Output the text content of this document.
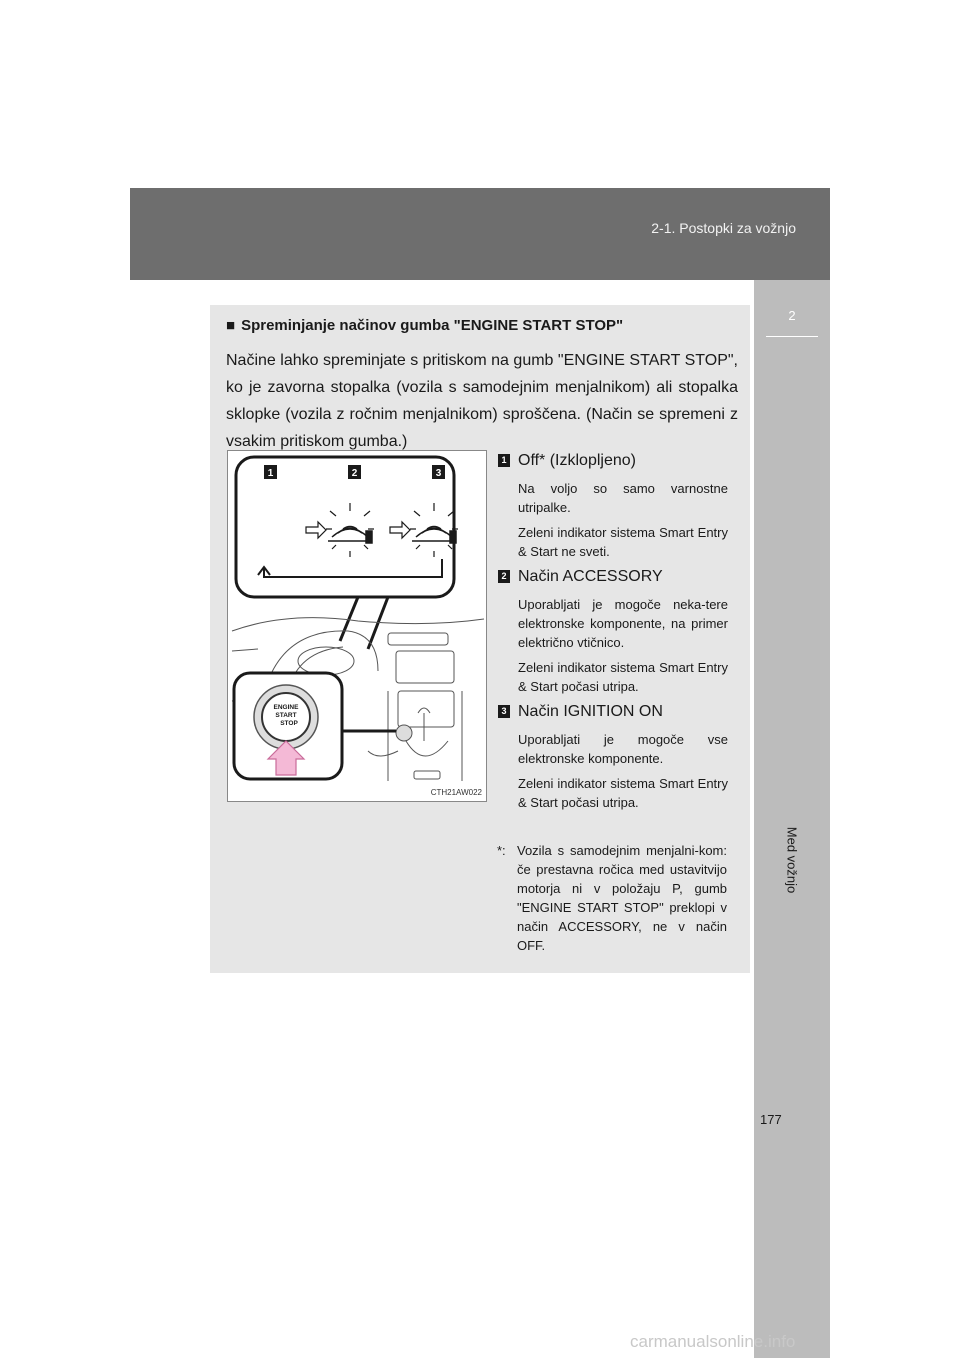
2-1. Postopki za vožnjo
2
Med vožnjo
■ Spreminjanje načinov gumba "ENGINE START STOP"
Načine lahko spreminjate s pritiskom na gumb "ENGINE START STOP", ko je zavorna stopalka (vozila s samodejnim menjalnikom) ali stopalka sklopke (vozila z ročnim menjalnikom) sproščena. (Način se spremeni z vsakim pritiskom gumba.)
1	2	3
ENGINE
START
STOP
CTH21AW022
1 Off* (Izklopljeno)

Na voljo so samo varnostne utripalke.

Zeleni indikator sistema Smart Entry & Start ne sveti.

2 Način ACCESSORY

Uporabljati je mogoče neka-tere elektronske komponente, na primer električno vtičnico.

Zeleni indikator sistema Smart Entry & Start počasi utripa.

3 Način IGNITION ON

Uporabljati je mogoče vse elektronske komponente.

Zeleni indikator sistema Smart Entry & Start počasi utripa.

*: Vozila s samodejnim menjalni-kom: če prestavna ročica med ustavitvijo motorja ni v položaju P, gumb "ENGINE START STOP" preklopi v način ACCESSORY, ne v način OFF.
177
carmanualsonline.info
